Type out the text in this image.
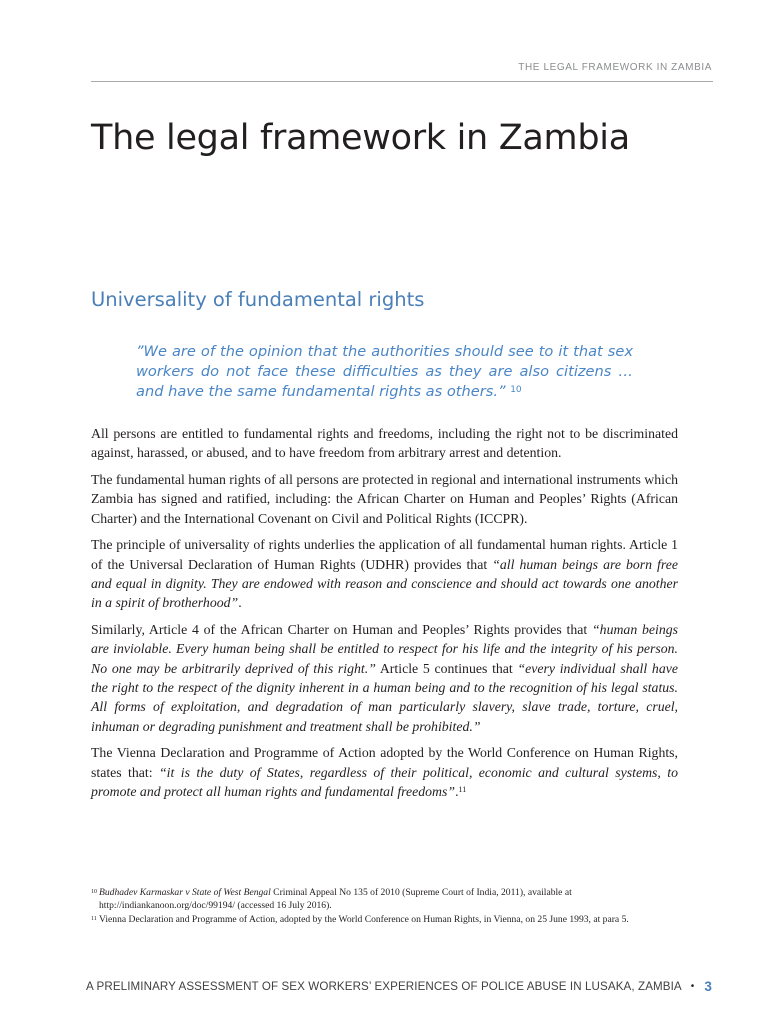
THE LEGAL FRAMEWORK IN ZAMBIA
The legal framework in Zambia
Universality of fundamental rights

”We are of the opinion that the authorities should see to it that sex workers do not face these difficulties as they are also citizens … and have the same fundamental rights as others.” $^{10}$

All persons are entitled to fundamental rights and freedoms, including the right not to be discriminated against, harassed, or abused, and to have freedom from arbitrary arrest and detention.

The fundamental human rights of all persons are protected in regional and international instruments which Zambia has signed and ratified, including: the African Charter on Human and Peoples’ Rights (African Charter) and the International Covenant on Civil and Political Rights (ICCPR).

The principle of universality of rights underlies the application of all fundamental human rights. Article 1 of the Universal Declaration of Human Rights (UDHR) provides that “all human beings are born free and equal in dignity. They are endowed with reason and conscience and should act towards one another in a spirit of brotherhood”.

Similarly, Article 4 of the African Charter on Human and Peoples’ Rights provides that “human beings are inviolable. Every human being shall be entitled to respect for his life and the integrity of his person. No one may be arbitrarily deprived of this right.” Article 5 continues that “every individual shall have the right to the respect of the dignity inherent in a human being and to the recognition of his legal status. All forms of exploitation, and degradation of man particularly slavery, slave trade, torture, cruel, inhuman or degrading punishment and treatment shall be prohibited.”

The Vienna Declaration and Programme of Action adopted by the World Conference on Human Rights, states that: “it is the duty of States, regardless of their political, economic and cultural systems, to promote and protect all human rights and fundamental freedoms”.$^{11}$

10 Budhadev Karmaskar v State of West Bengal Criminal Appeal No 135 of 2010 (Supreme Court of India, 2011), available at http://indiankanoon.org/doc/99194/ (accessed 16 July 2016).
11 Vienna Declaration and Programme of Action, adopted by the World Conference on Human Rights, in Vienna, on 25 June 1993, at para 5.
A PRELIMINARY ASSESSMENT OF SEX WORKERS’ EXPERIENCES OF POLICE ABUSE IN LUSAKA, ZAMBIA • 3
